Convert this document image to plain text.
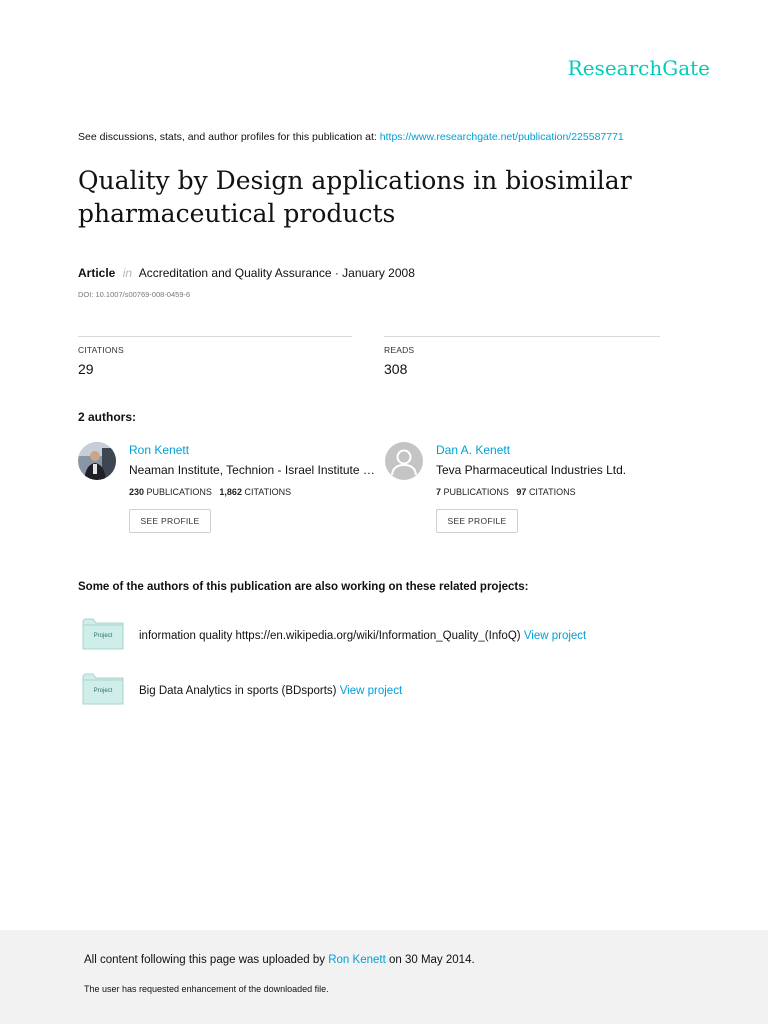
ResearchGate
See discussions, stats, and author profiles for this publication at: https://www.researchgate.net/publication/225587771
Quality by Design applications in biosimilar pharmaceutical products
Article in Accreditation and Quality Assurance · January 2008
DOI: 10.1007/s00769-008-0459-6
CITATIONS
29
READS
308
2 authors:
Ron Kenett
Neaman Institute, Technion - Israel Institute …
230 PUBLICATIONS 1,862 CITATIONS
SEE PROFILE
Dan A. Kenett
Teva Pharmaceutical Industries Ltd.
7 PUBLICATIONS 97 CITATIONS
SEE PROFILE
Some of the authors of this publication are also working on these related projects:
Project	information quality https://en.wikipedia.org/wiki/Information_Quality_(InfoQ) View project
Project	Big Data Analytics in sports (BDsports) View project
All content following this page was uploaded by Ron Kenett on 30 May 2014.
The user has requested enhancement of the downloaded file.
